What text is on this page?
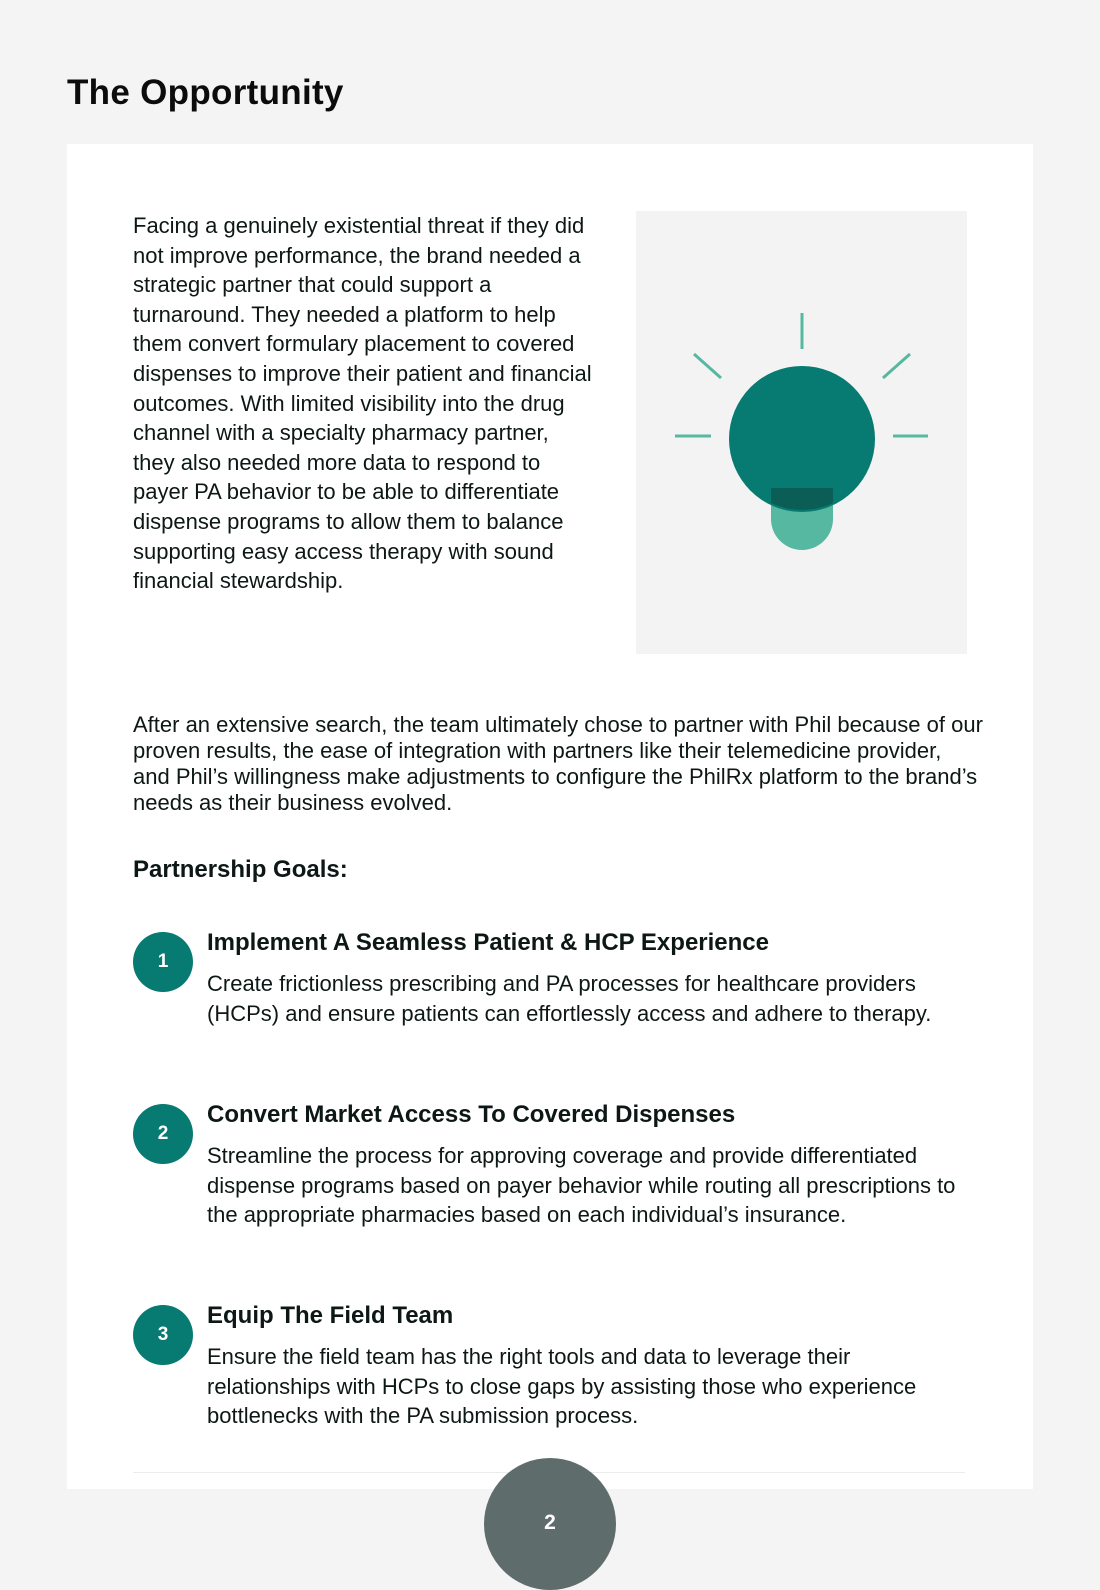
The Opportunity

Facing a genuinely existential threat if they did not improve performance, the brand needed a strategic partner that could support a turnaround. They needed a platform to help them convert formulary placement to covered dispenses to improve their patient and financial outcomes. With limited visibility into the drug channel with a specialty pharmacy partner, they also needed more data to respond to payer PA behavior to be able to differentiate dispense programs to allow them to balance supporting easy access therapy with sound financial stewardship.

After an extensive search, the team ultimately chose to partner with Phil because of our proven results, the ease of integration with partners like their telemedicine provider, and Phil’s willingness make adjustments to configure the PhilRx platform to the brand’s needs as their business evolved.

Partnership Goals:
1
Implement A Seamless Patient & HCP Experience
Create frictionless prescribing and PA processes for healthcare providers (HCPs) and ensure patients can effortlessly access and adhere to therapy.
2
Convert Market Access To Covered Dispenses
Streamline the process for approving coverage and provide differentiated dispense programs based on payer behavior while routing all prescriptions to the appropriate pharmacies based on each individual’s insurance.
3
Equip The Field Team
Ensure the field team has the right tools and data to leverage their relationships with HCPs to close gaps by assisting those who experience bottlenecks with the PA submission process.
2
